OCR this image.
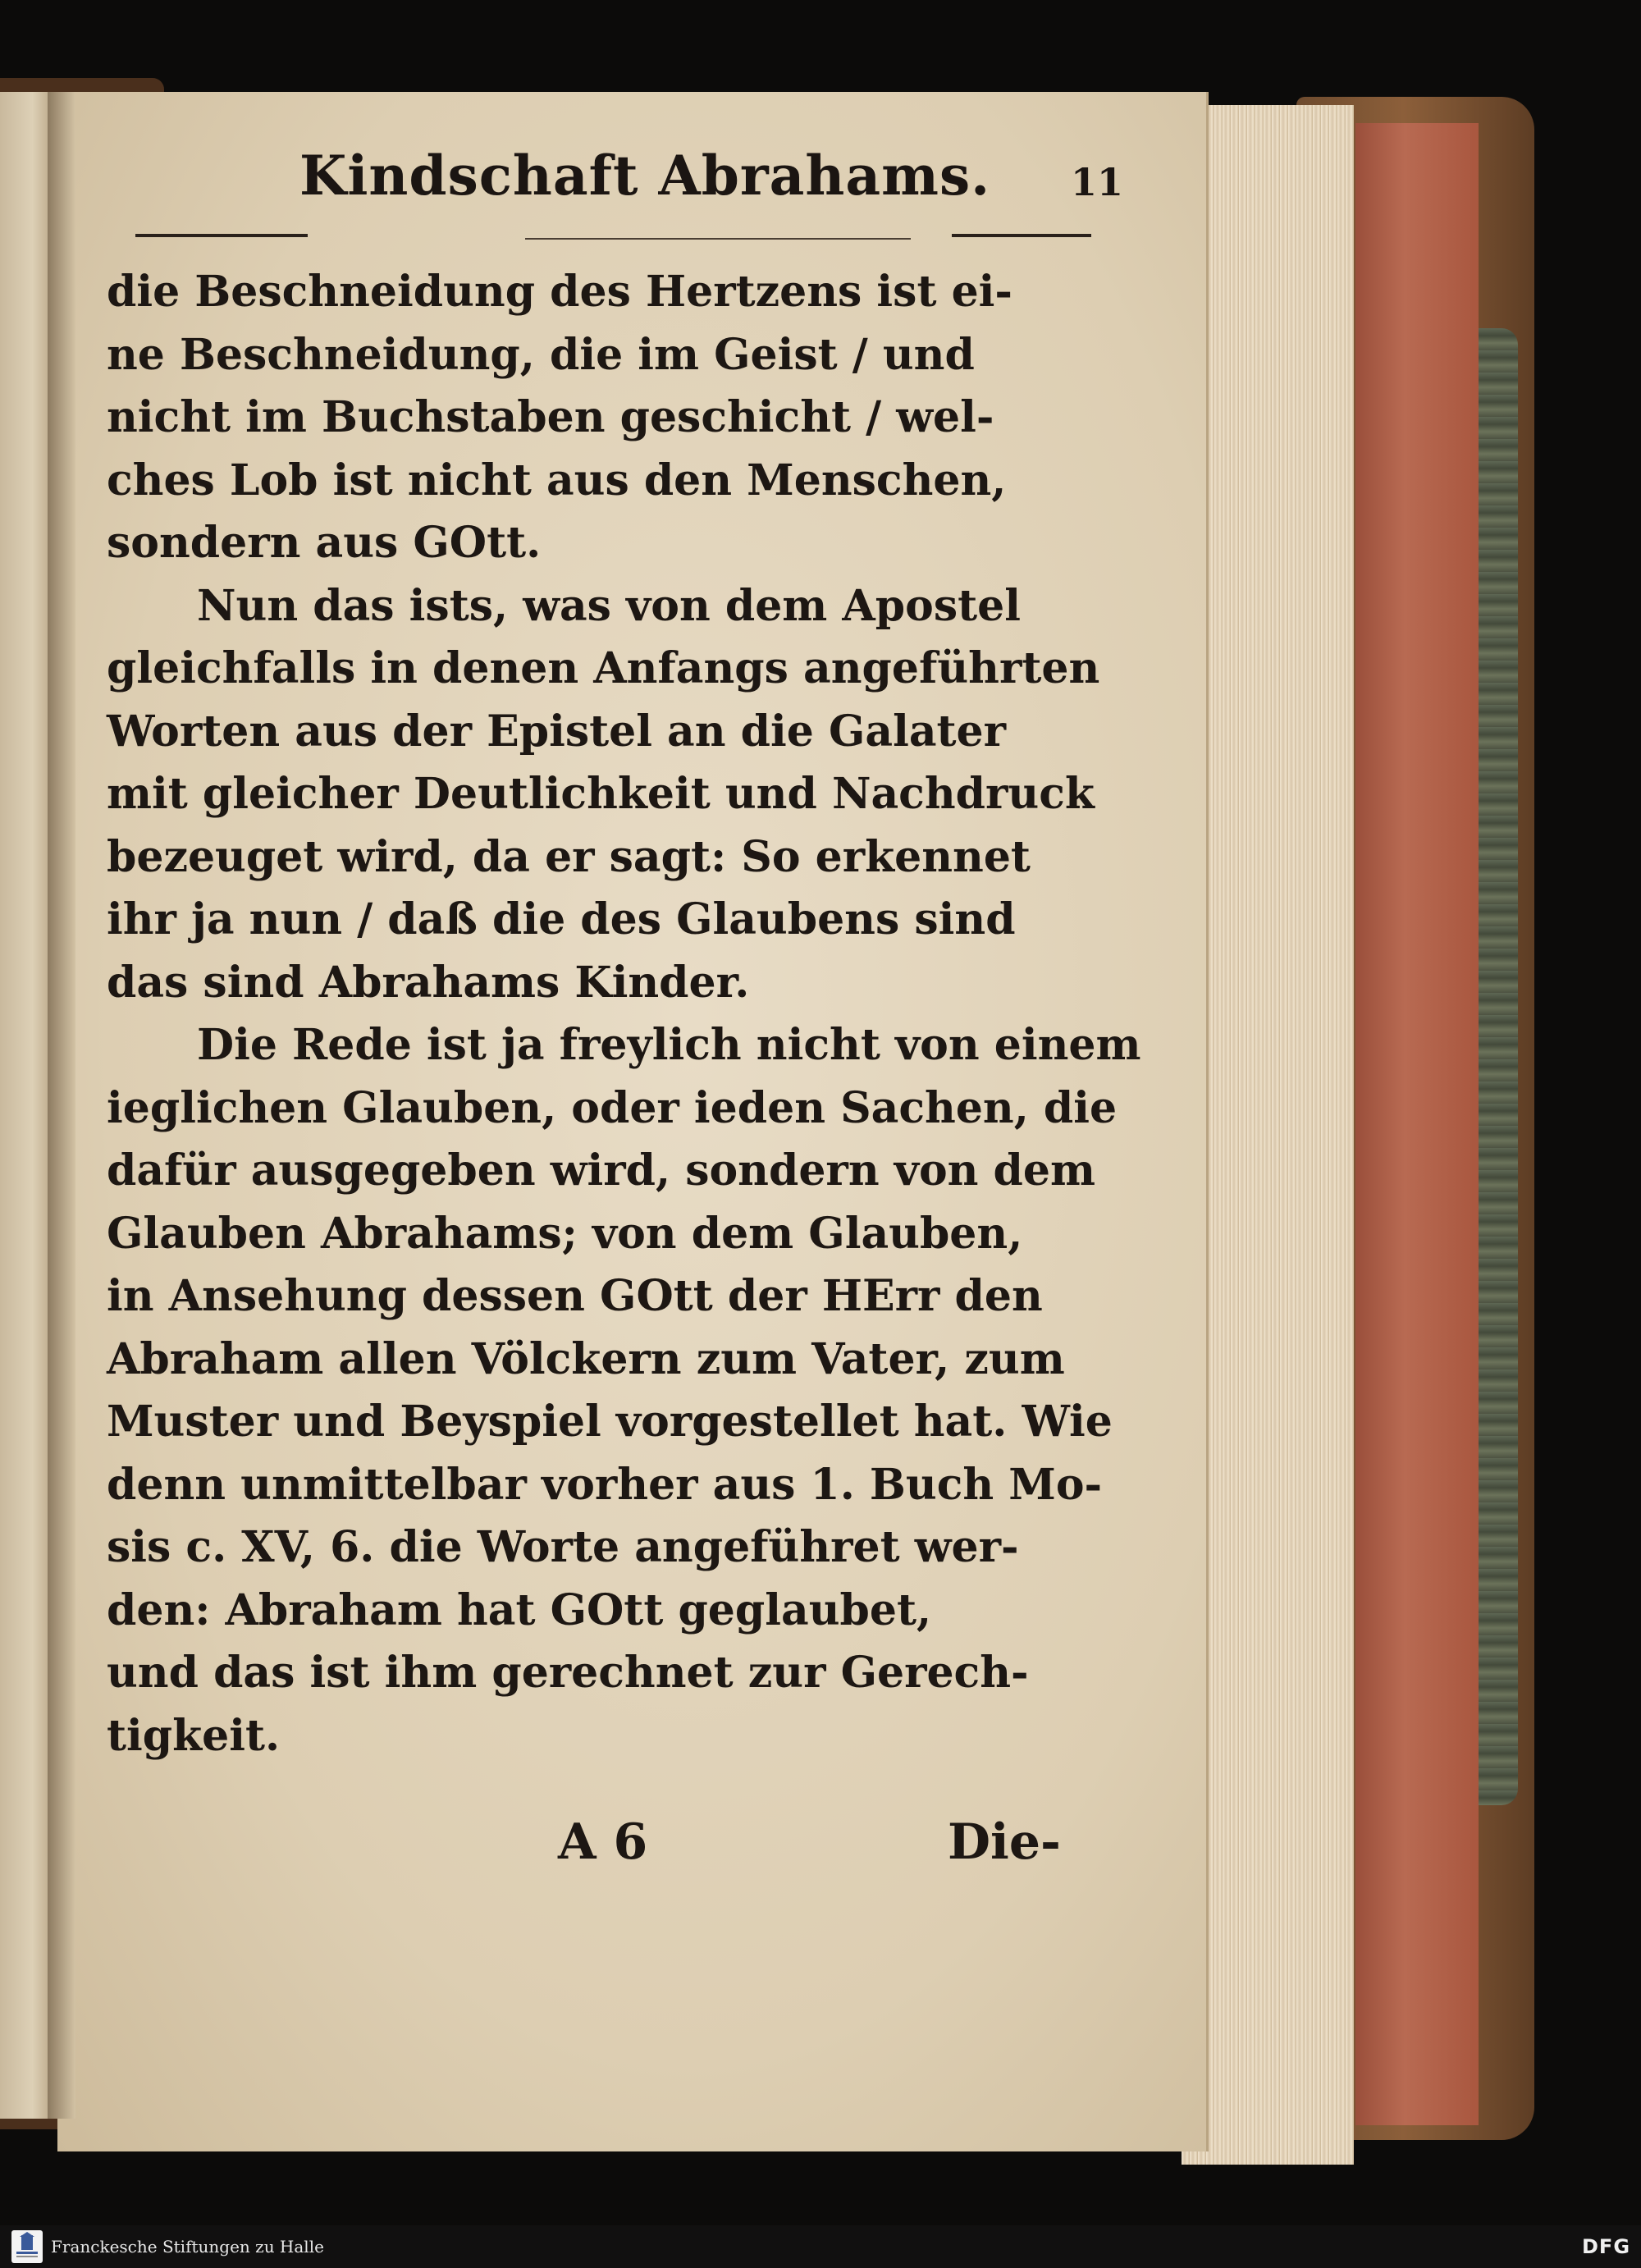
Kindschaft Abrahams. 11
die Beschneidung des Hertzens ist ei-
ne Beschneidung, die im Geist / und
nicht im Buchstaben geschicht / wel-
ches Lob ist nicht aus den Menschen,
sondern aus GOtt.
Nun das ists, was von dem Apostel
gleichfalls in denen Anfangs angeführten
Worten aus der Epistel an die Galater
mit gleicher Deutlichkeit und Nachdruck
bezeuget wird, da er sagt: So erkennet
ihr ja nun / daß die des Glaubens sind
das sind Abrahams Kinder.
Die Rede ist ja freylich nicht von einem
ieglichen Glauben, oder ieden Sachen, die
dafür ausgegeben wird, sondern von dem
Glauben Abrahams; von dem Glauben,
in Ansehung dessen GOtt der HErr den
Abraham allen Völckern zum Vater, zum
Muster und Beyspiel vorgestellet hat. Wie
denn unmittelbar vorher aus 1. Buch Mo-
sis c. XV, 6. die Worte angeführet wer-
den: Abraham hat GOtt geglaubet,
und das ist ihm gerechnet zur Gerech-
tigkeit.
A 6	Die-
Franckesche Stiftungen zu Halle	DFG
